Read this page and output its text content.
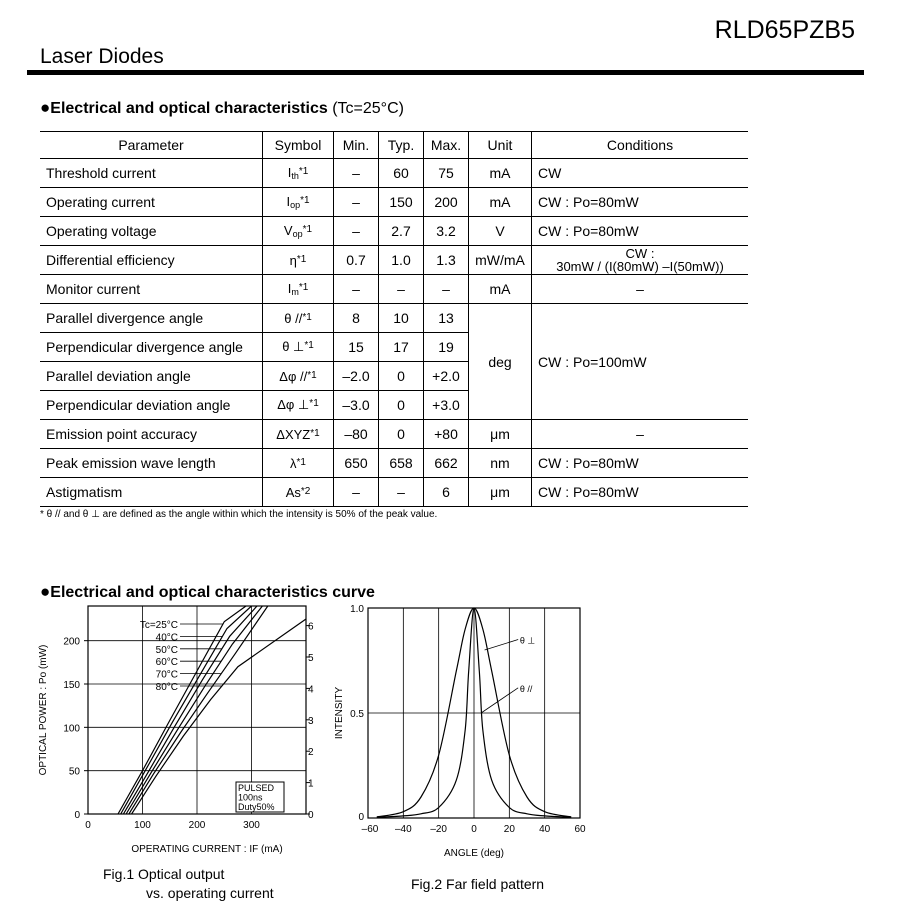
RLD65PZB5
Laser Diodes
●Electrical and optical characteristics (Tc=25°C)
Parameter	Symbol	Min.	Typ.	Max.	Unit	Conditions
Threshold current	$I_{th}^{*1}$	–	60	75	mA	CW
Operating current	$I_{op}^{*1}$	–	150	200	mA	CW : Po=80mW
Operating voltage	$V_{op}^{*1}$	–	2.7	3.2	V	CW : Po=80mW
Differential efficiency	$\eta^{*1}$	0.7	1.0	1.3	mW/mA	CW :
30mW / (I(80mW) –I(50mW))

Monitor current	$I_m^{*1}$	–	–	–	mA	–
Parallel divergence angle	θ //$^{*1}$	8	10	13	deg	CW : Po=100mW
Perpendicular divergence angle	θ ⊥$^{*1}$	15	17	19		
Parallel deviation angle	Δφ //$^{*1}$	–2.0	0	+2.0		
Perpendicular deviation angle	Δφ ⊥$^{*1}$	–3.0	0	+3.0		
Emission point accuracy	ΔXYZ$^{*1}$	–80	0	+80	μm	–
Peak emission wave length	$\lambda^{*1}$	650	658	662	nm	CW : Po=80mW
Astigmatism	As$^{*2}$	–	–	6	μm	CW : Po=80mW
* θ // and θ ⊥ are defined as the angle within which the intensity is 50% of the peak value.
●Electrical and optical characteristics curve
0
50
100
150
200
0
1
2
3
4
5
6
0	100	200	300
OPTICAL POWER : Po (mW)
OPERATING CURRENT : IF (mA)
Tc=25°C
40°C
50°C
60°C
70°C
80°C
PULSED
100ns
Duty50%
Fig.1 Optical output
vs. operating current
0
0.5
1.0
–60 –40 –20 0	20 40 60
INTENSITY
ANGLE (deg)
θ ⊥
θ //
Fig.2 Far field pattern
